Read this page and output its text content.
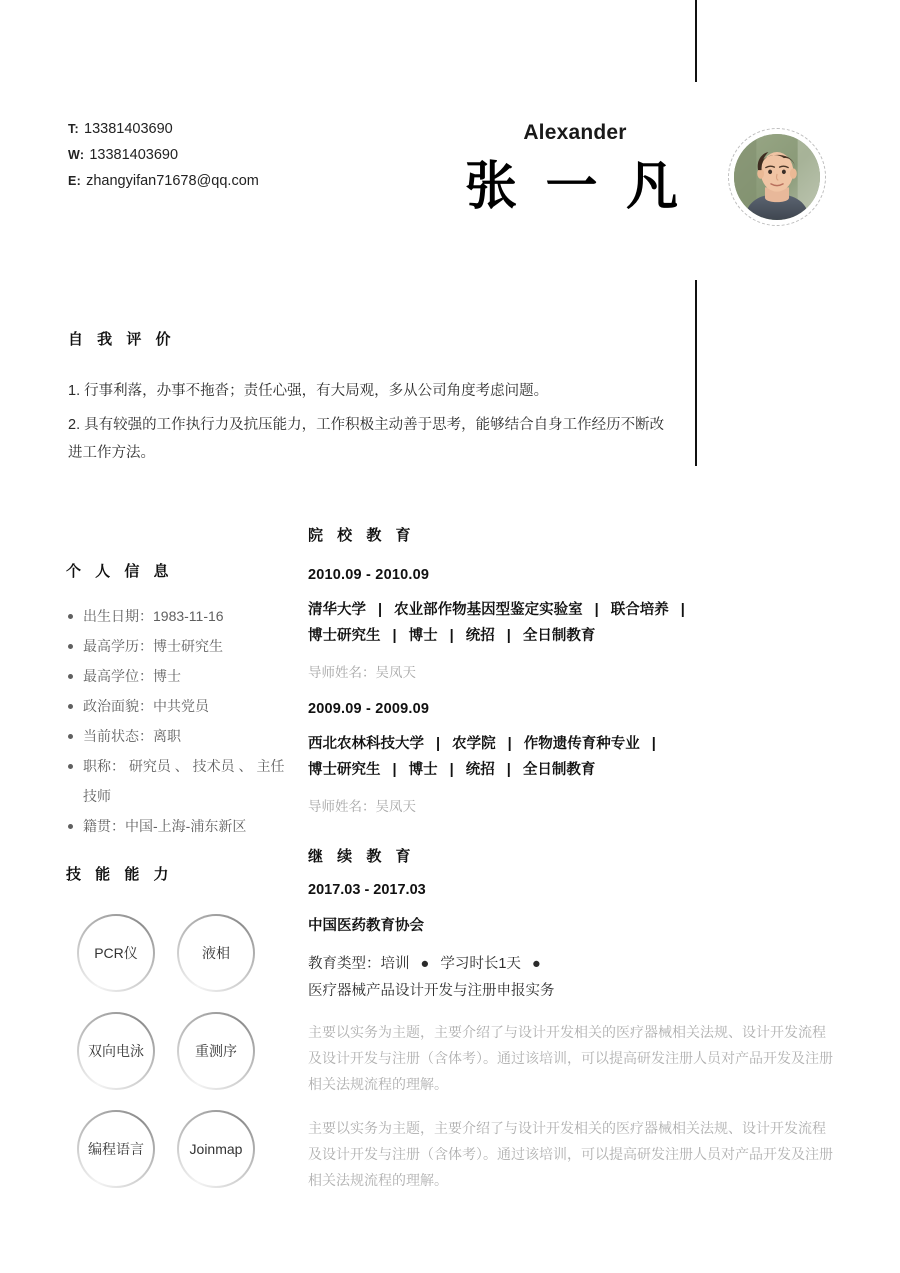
T: 13381403690
W: 13381403690
E: zhangyifan71678@qq.com
Alexander
张 一 凡
自 我 评 价

1. 行事利落，办事不拖沓；责任心强，有大局观，多从公司角度考虑问题。

2. 具有较强的工作执行力及抗压能力，工作积极主动善于思考，能够结合自身工作经历不断改进工作方法。

个 人 信 息
出生日期：1983-11-16
最高学历：博士研究生
最高学位：博士
政治面貌：中共党员
当前状态：离职
职称： 研究员 、 技术员 、 主任技师
籍贯：中国-上海-浦东新区
技 能 能 力
PCR仪	液相
双向电泳	重测序
编程语言	Joinmap
院 校 教 育
2010.09 - 2010.09
清华大学 | 农业部作物基因型鉴定实验室 | 联合培养 |
博士研究生 | 博士 | 统招 | 全日制教育
导师姓名：吴凤天
2009.09 - 2009.09
西北农林科技大学 | 农学院 | 作物遗传育种专业 |
博士研究生 | 博士 | 统招 | 全日制教育
导师姓名：吴凤天
继 续 教 育
2017.03 - 2017.03
中国医药教育协会
教育类型：培训 ● 学习时长1天 ●
医疗器械产品设计开发与注册申报实务
主要以实务为主题，主要介绍了与设计开发相关的医疗器械相关法规、设计开发流程及设计开发与注册（含体考）。通过该培训，可以提高研发注册人员对产品开发及注册相关法规流程的理解。
主要以实务为主题，主要介绍了与设计开发相关的医疗器械相关法规、设计开发流程及设计开发与注册（含体考）。通过该培训，可以提高研发注册人员对产品开发及注册相关法规流程的理解。
